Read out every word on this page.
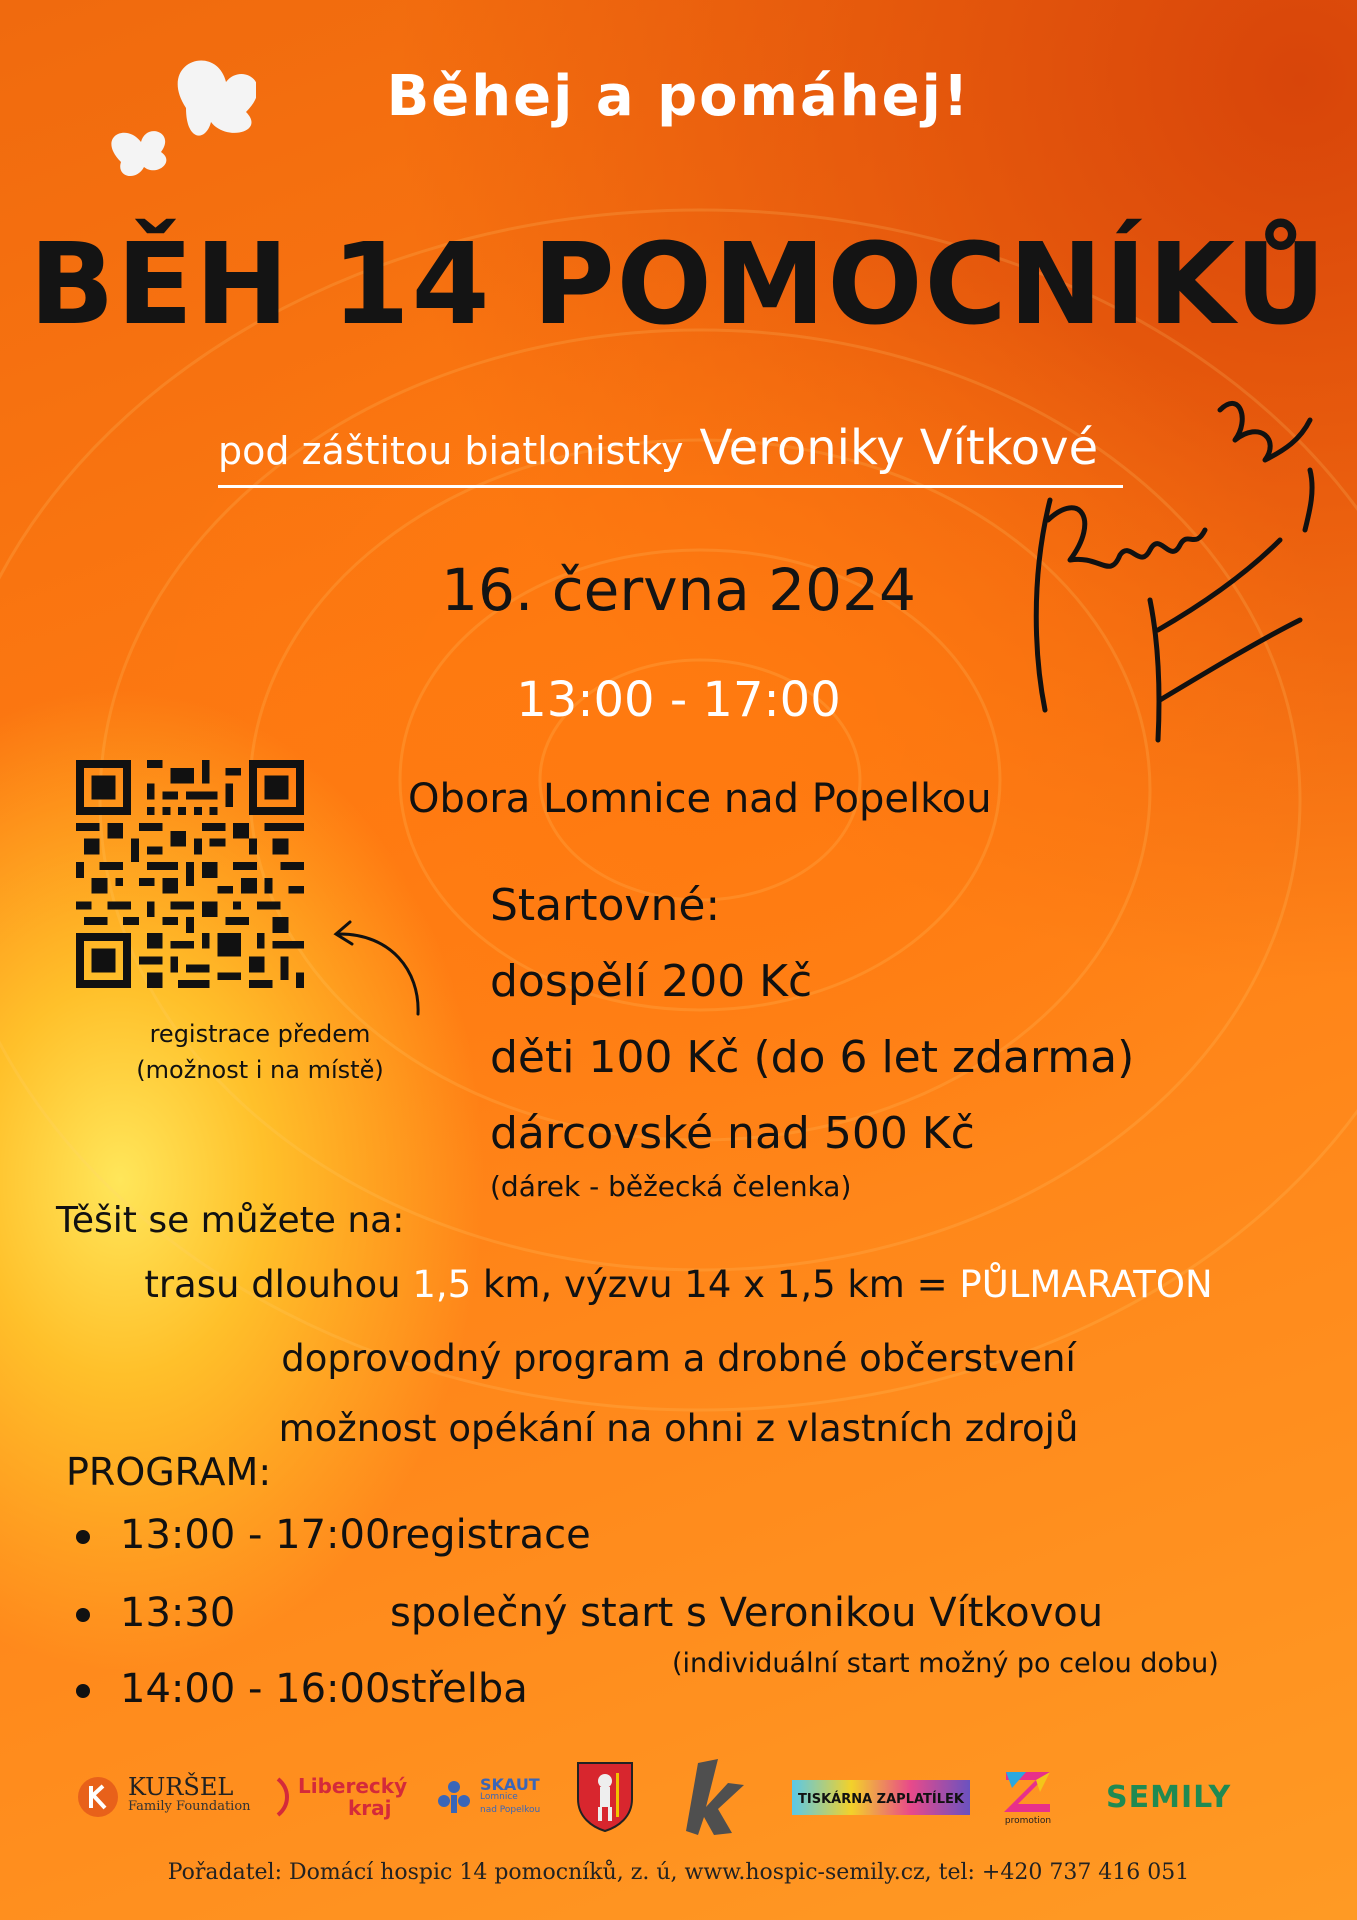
Běhej a pomáhej!
BĚH 14 POMOCNÍKŮ
pod záštitou biatlonistky Veroniky Vítkové
16. června 2024
13:00 - 17:00
Obora Lomnice nad Popelkou
registrace předem
(možnost i na místě)
Startovné:
dospělí 200 Kč
děti 100 Kč (do 6 let zdarma)
dárcovské nad 500 Kč
(dárek - běžecká čelenka)
Těšit se můžete na:
trasu dlouhou 1,5 km, výzvu 14 x 1,5 km = PŮLMARATON
doprovodný program a drobné občerstvení
možnost opékání na ohni z vlastních zdrojů
PROGRAM:
13:00 - 17:00registrace
13:30	společný start s Veronikou Vítkovou
(individuální start možný po celou dobu)
14:00 - 16:00střelba
KURŠEL
Family Foundation
Liberecký
kraj
SKAUT
Lomnice
nad Popelkou
TISKÁRNA ZAPLATÍLEK
promotion
SEMILY
Pořadatel: Domácí hospic 14 pomocníků, z. ú, www.hospic-semily.cz, tel: +420 737 416 051
